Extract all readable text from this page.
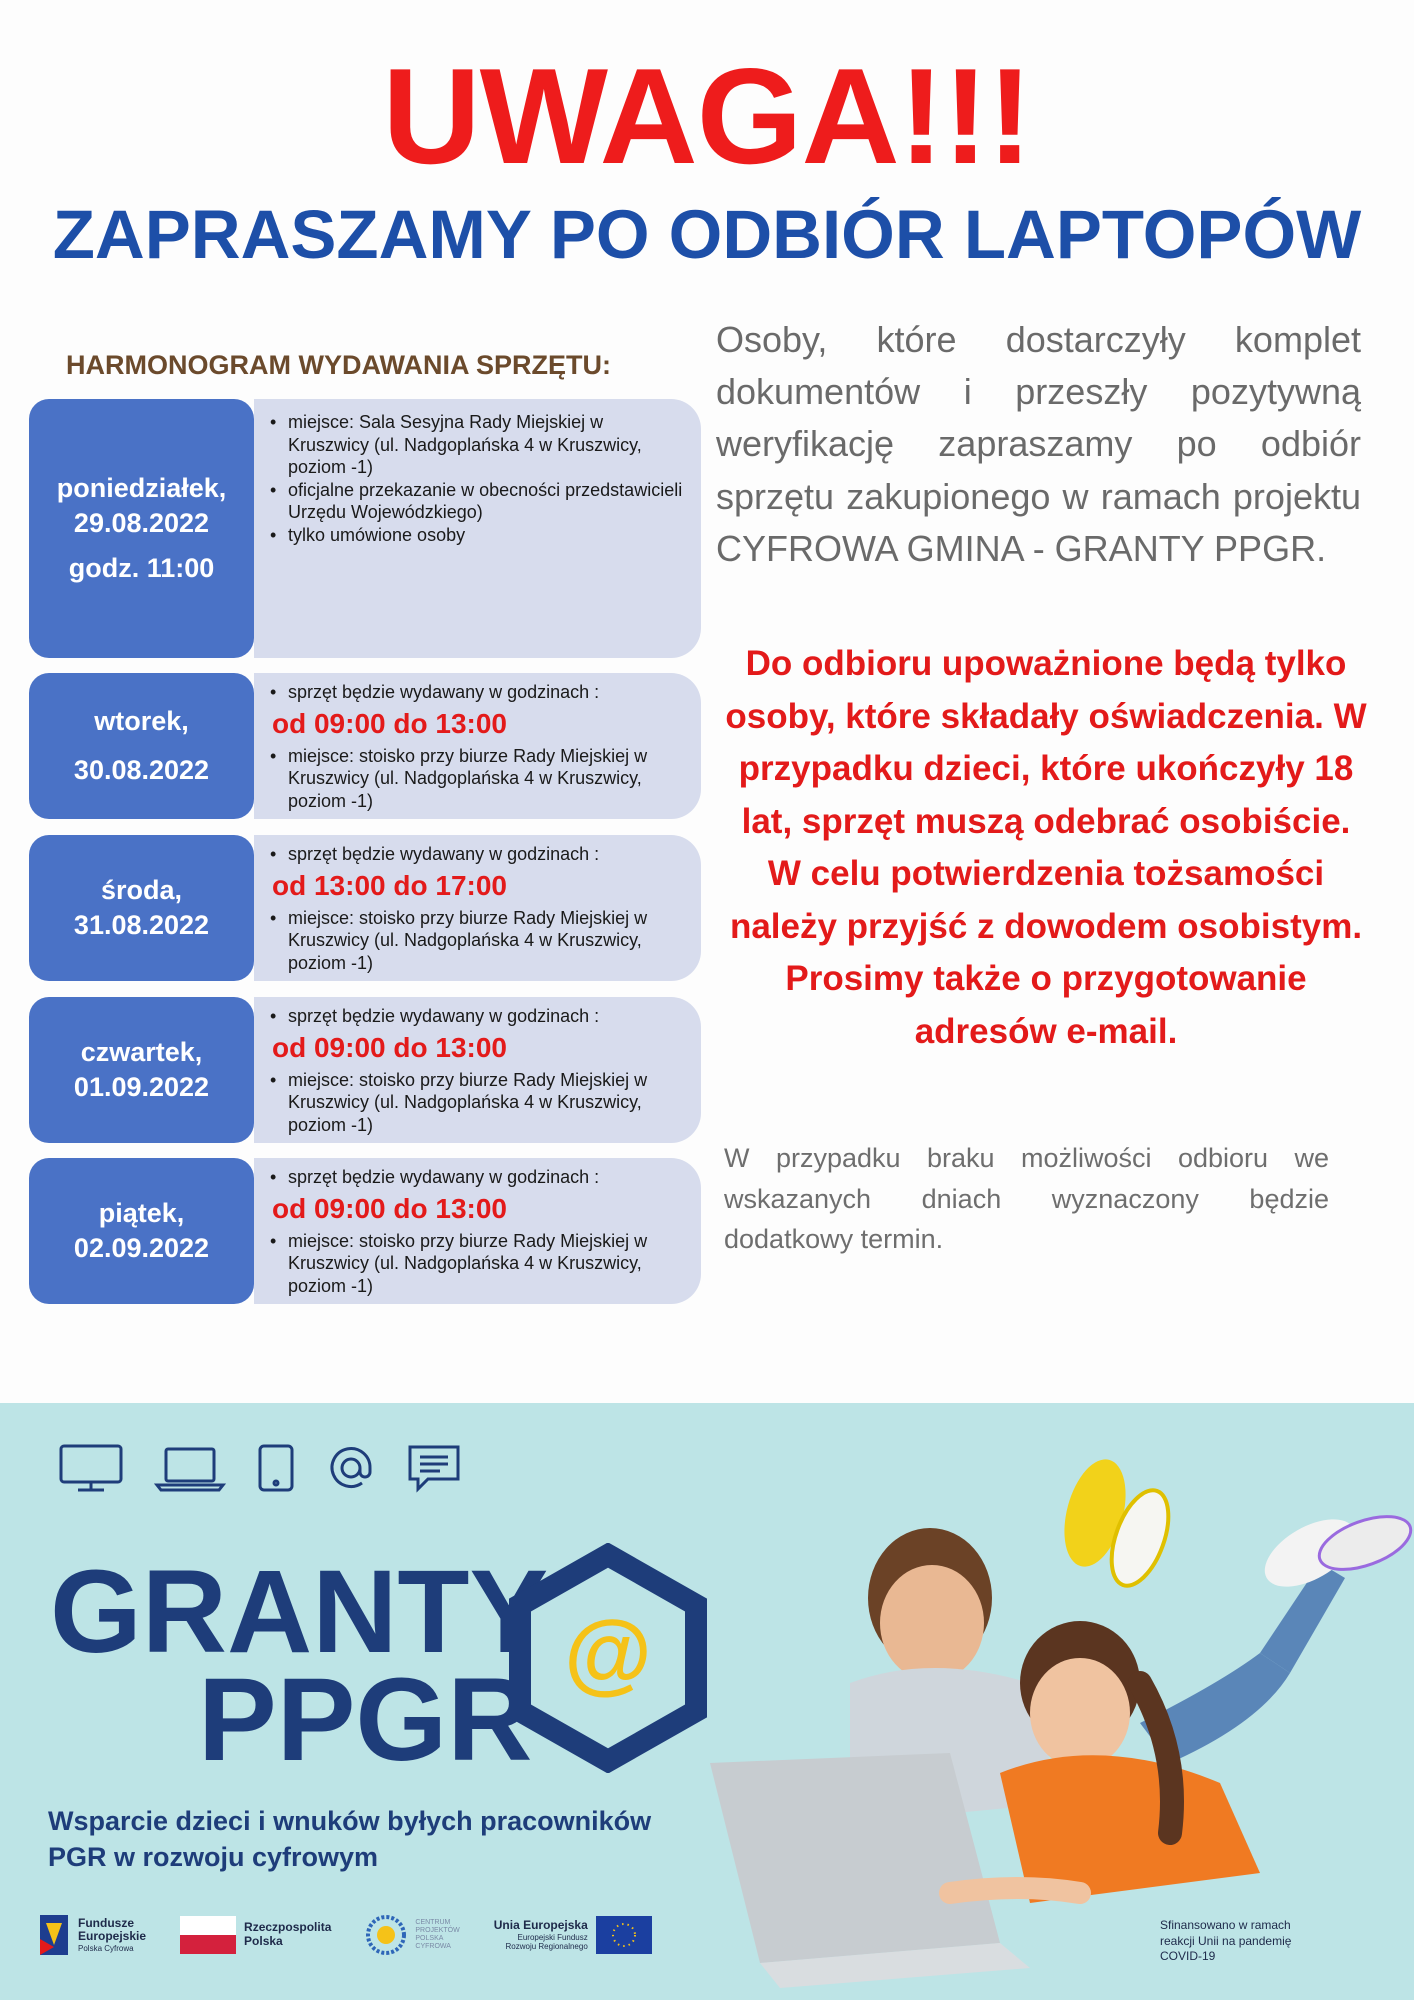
UWAGA!!!
ZAPRASZAMY PO ODBIÓR LAPTOPÓW
HARMONOGRAM WYDAWANIA SPRZĘTU:
• miejsce: Sala Sesyjna Rady Miejskiej w Kruszwicy (ul. Nadgoplańska 4 w Kruszwicy, poziom -1)
• oficjalne przekazanie w obecności przedstawicieli Urzędu Wojewódzkiego)
• tylko umówione osoby
poniedziałek,
29.08.2022
godz. 11:00
• sprzęt będzie wydawany w godzinach :
od 09:00 do 13:00
• miejsce: stoisko przy biurze Rady Miejskiej w Kruszwicy (ul. Nadgoplańska 4 w Kruszwicy, poziom -1)
wtorek,
30.08.2022
• sprzęt będzie wydawany w godzinach :
od 13:00 do 17:00
• miejsce: stoisko przy biurze Rady Miejskiej w Kruszwicy (ul. Nadgoplańska 4 w Kruszwicy, poziom -1)
środa,
31.08.2022
• sprzęt będzie wydawany w godzinach :
od 09:00 do 13:00
• miejsce: stoisko przy biurze Rady Miejskiej w Kruszwicy (ul. Nadgoplańska 4 w Kruszwicy, poziom -1)
czwartek,
01.09.2022
• sprzęt będzie wydawany w godzinach :
od 09:00 do 13:00
• miejsce: stoisko przy biurze Rady Miejskiej w Kruszwicy (ul. Nadgoplańska 4 w Kruszwicy, poziom -1)
piątek,
02.09.2022
Osoby, które dostarczyły komplet dokumentów i przeszły pozytywną weryfikację zapraszamy po odbiór sprzętu zakupionego w ramach projektu CYFROWA GMINA - GRANTY PPGR.
Do odbioru upoważnione będą tylko osoby, które składały oświadczenia. W przypadku dzieci, które ukończyły 18 lat, sprzęt muszą odebrać osobiście.
W celu potwierdzenia tożsamości należy przyjść z dowodem osobistym. Prosimy także o przygotowanie adresów e-mail.
W przypadku braku możliwości odbioru we wskazanych dniach wyznaczony będzie dodatkowy termin.
GRANTY
PPGR
@
Wsparcie dzieci i wnuków byłych pracowników
PGR w rozwoju cyfrowym
Fundusze
Europejskie
Polska Cyfrowa
Rzeczpospolita
Polska
CENTRUM
PROJEKTÓW
POLSKA
CYFROWA
Unia Europejska
Europejski Fundusz
Rozwoju Regionalnego
Sfinansowano w ramach
reakcji Unii na pandemię
COVID-19
